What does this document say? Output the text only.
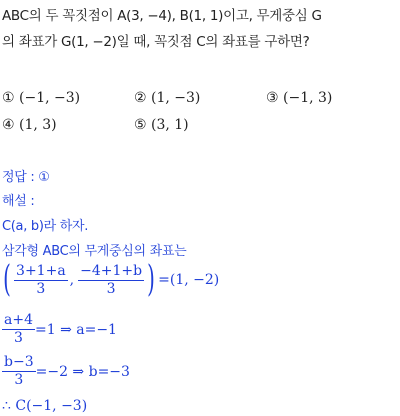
ABC의 두 꼭짓점이 A(3, −4), B(1, 1)이고, 무게중심 G
의 좌표가 G(1, −2)일 때, 꼭짓점 C의 좌표를 구하면?
① (−1, −3)	② (1, −3)	③ (−1, 3)
④ (1, 3)	⑤ (3, 1)
정답 : ①
해설 :
C(a, b)라 하자.
삼각형 ABC의 무게중심의 좌표는
( $\frac{3+1+a}{3}$ , $\frac{-4+1+b}{3}$ ) =(1, −2)
$\frac{a+4}{3} =1$ ⇒ a=−1
$\frac{b-3}{3} =-2$ ⇒ b=−3
∴ C(−1, −3)
